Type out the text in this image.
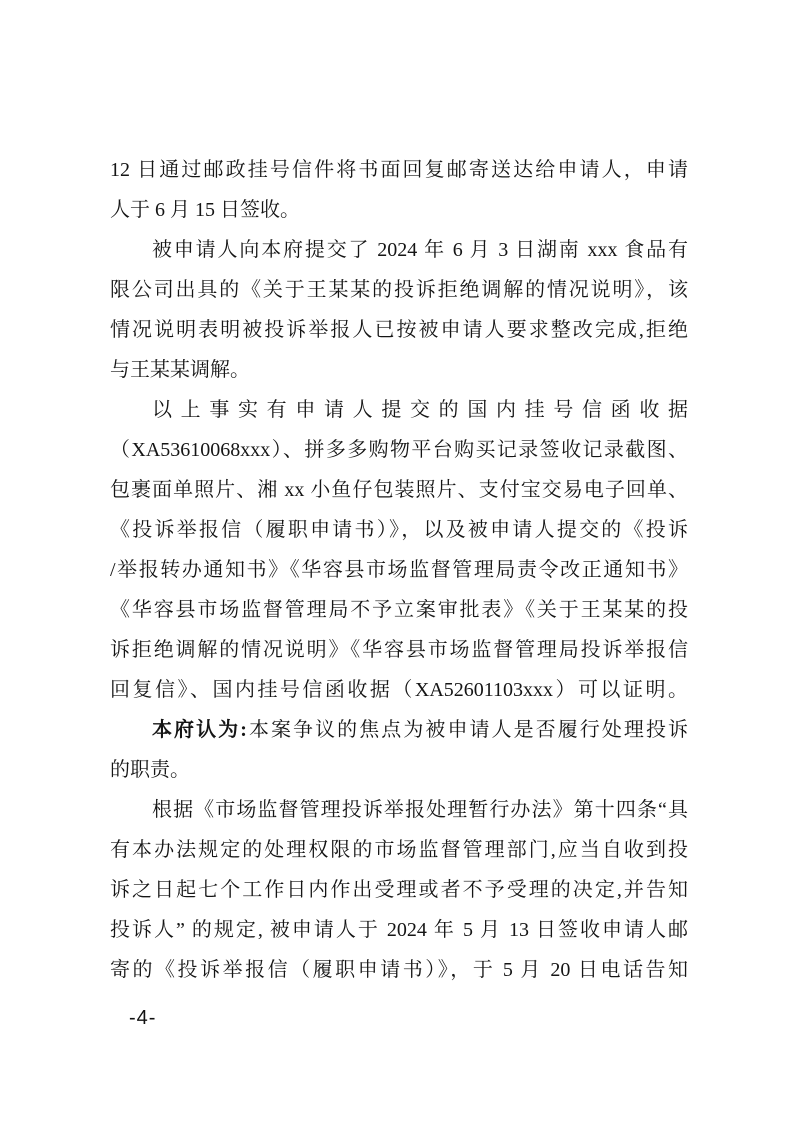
12 日通过邮政挂号信件将书面回复邮寄送达给申请人，申请
人于 6 月 15 日签收。
被申请人向本府提交了 2024 年 6 月 3 日湖南 xxx 食品有
限公司出具的《关于王某某的投诉拒绝调解的情况说明》，该
情况说明表明被投诉举报人已按被申请人要求整改完成,拒绝
与王某某调解。
以上事实有申请人提交的国内挂号信函收据
（XA53610068xxx）、拼多多购物平台购买记录签收记录截图、
包裹面单照片、湘 xx 小鱼仔包装照片、支付宝交易电子回单、
《投诉举报信（履职申请书）》，以及被申请人提交的《投诉
/举报转办通知书》《华容县市场监督管理局责令改正通知书》
《华容县市场监督管理局不予立案审批表》《关于王某某的投
诉拒绝调解的情况说明》《华容县市场监督管理局投诉举报信
回复信》、国内挂号信函收据（XA52601103xxx）可以证明。
本府认为:本案争议的焦点为被申请人是否履行处理投诉
的职责。
根据《市场监督管理投诉举报处理暂行办法》第十四条“具
有本办法规定的处理权限的市场监督管理部门,应当自收到投
诉之日起七个工作日内作出受理或者不予受理的决定,并告知
投诉人” 的规定, 被申请人于 2024 年 5 月 13 日签收申请人邮
寄的《投诉举报信（履职申请书）》，于 5 月 20 日电话告知
-4-
